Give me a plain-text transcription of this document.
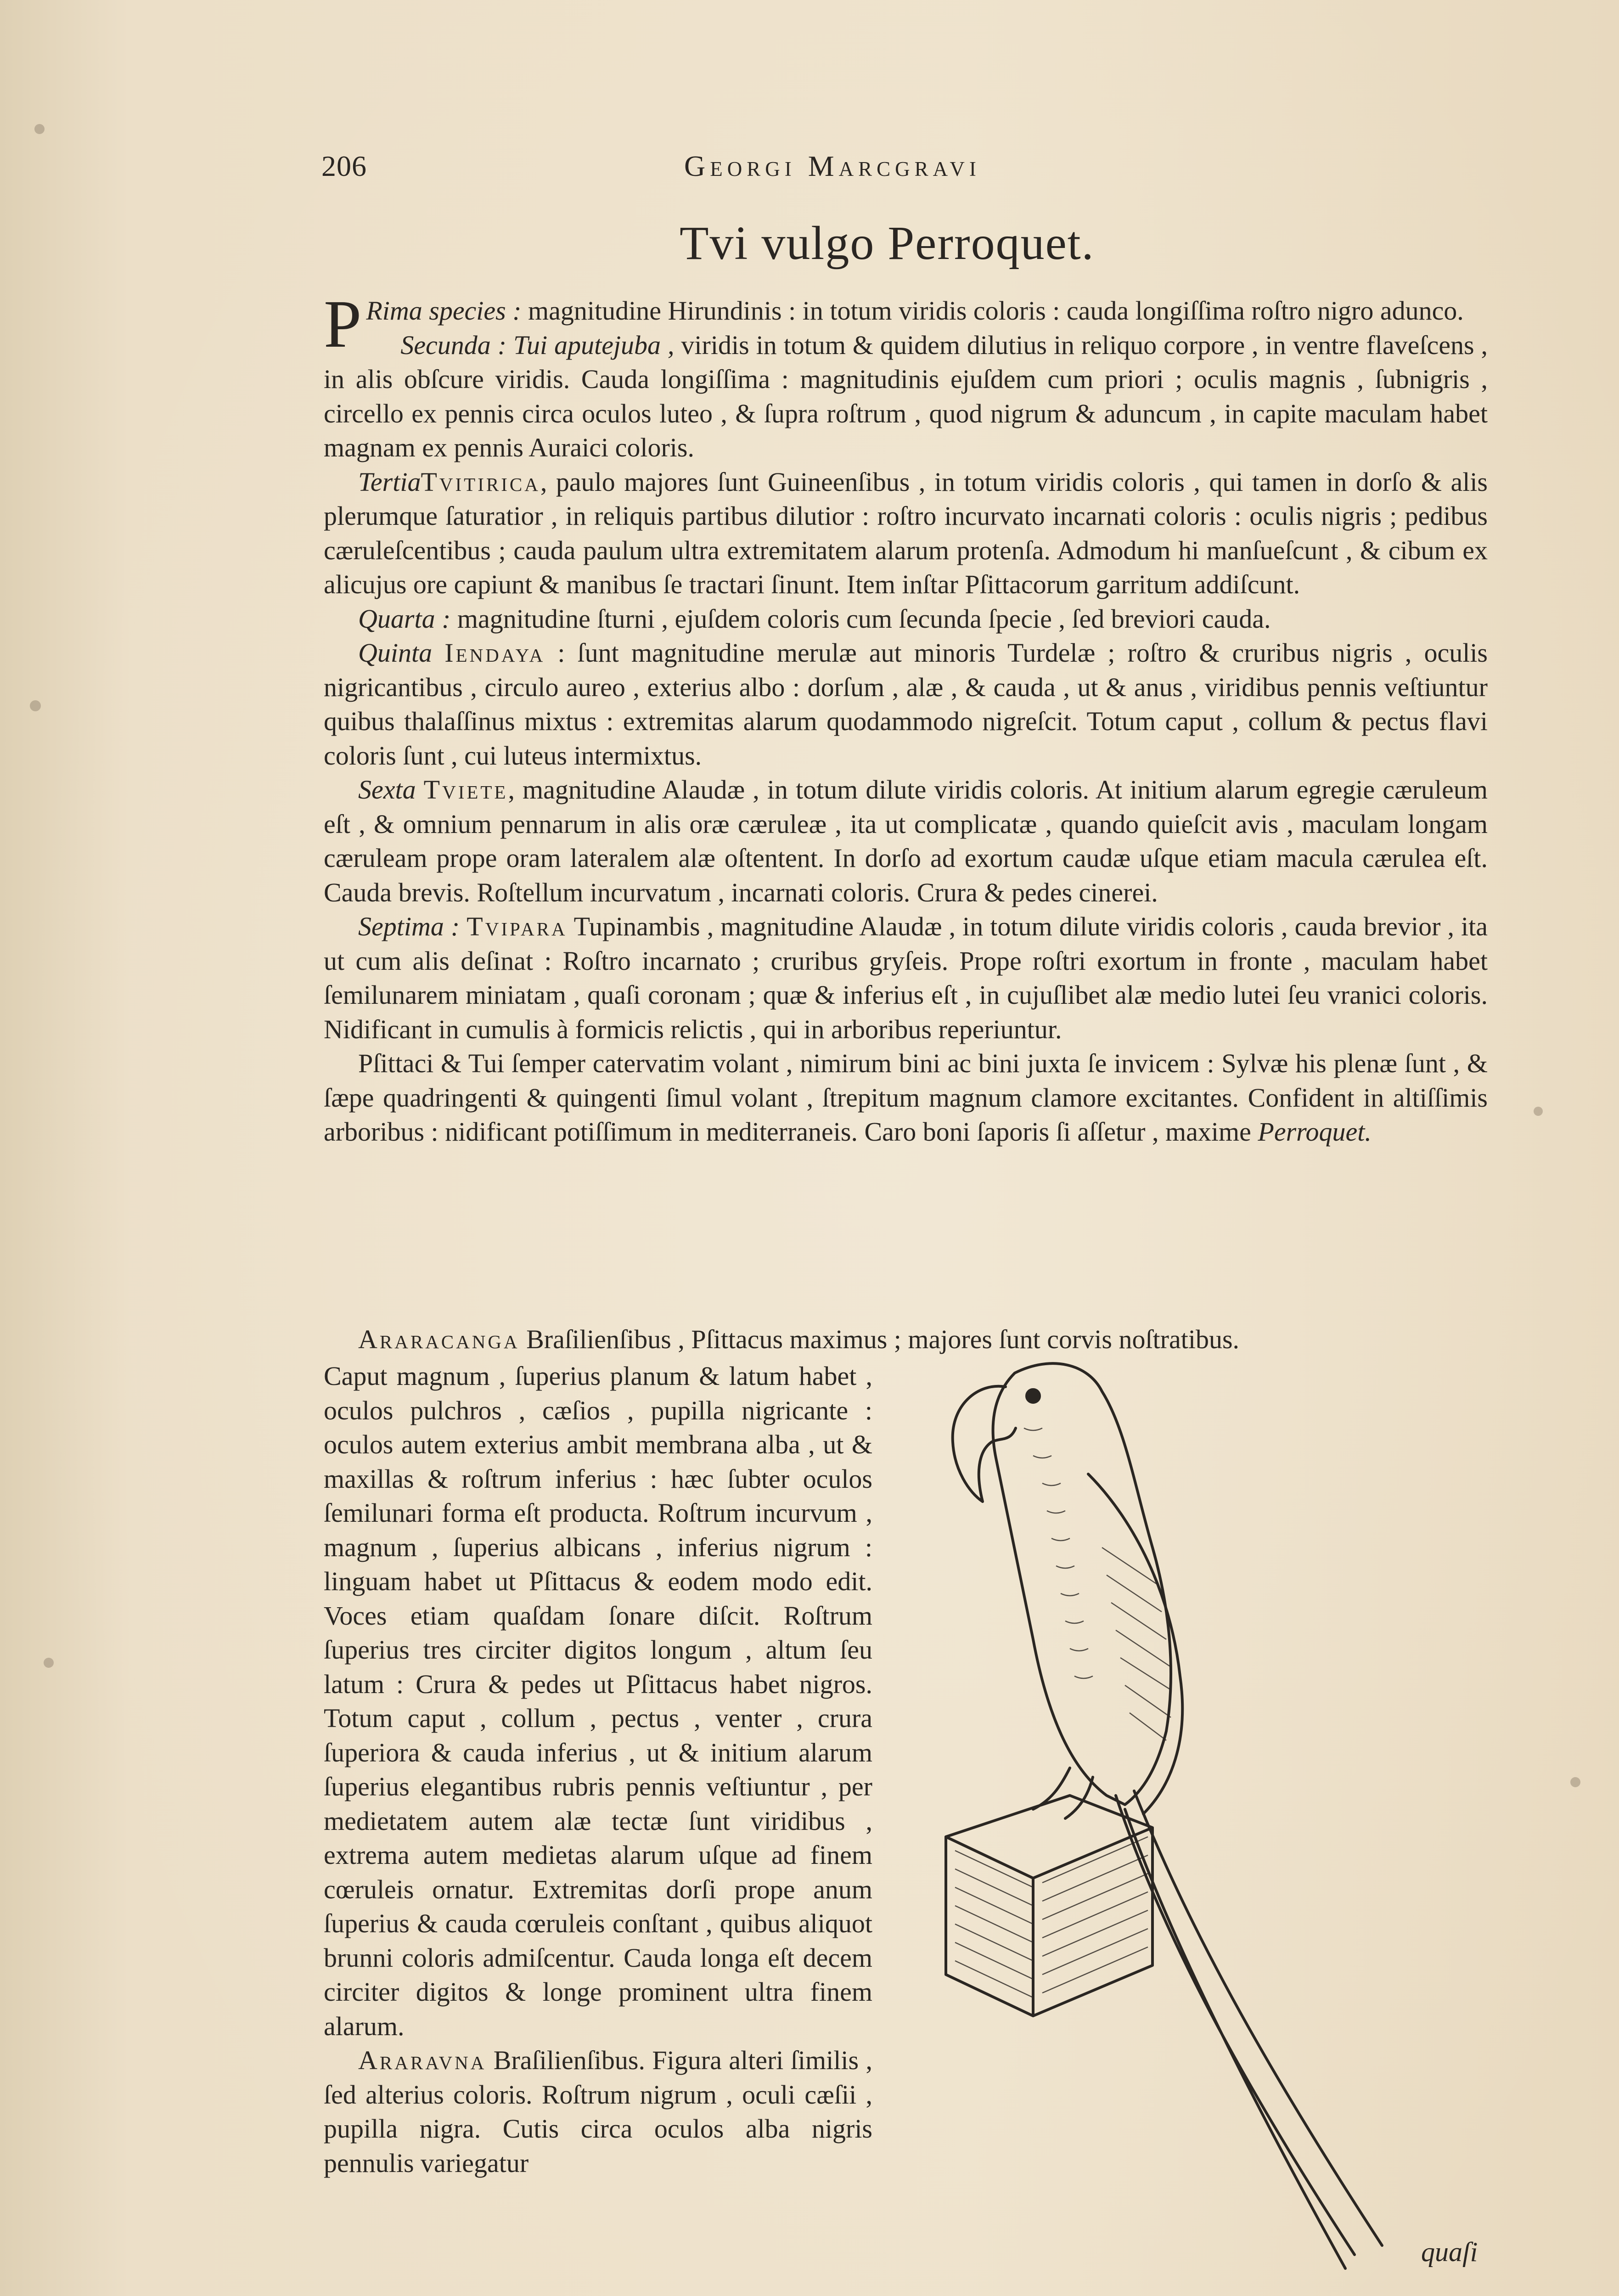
206	Georgi Marcgravi
Tvi vulgo Perroquet.

P Rima species : magnitudine Hirundinis : in totum viridis coloris : cauda longiſſima roſtro nigro adunco.

Secunda : Tui aputejuba , viridis in totum & quidem dilutius in reliquo corpore , in ventre flaveſcens , in alis obſcure viridis. Cauda longiſſima : magnitudinis ejuſdem cum priori ; oculis magnis , ſubnigris , circello ex pennis circa oculos luteo , & ſupra roſtrum , quod nigrum & aduncum , in capite maculam habet magnam ex pennis Auraici coloris.

TertiaTvitirica, paulo majores ſunt Guineenſibus , in totum viridis coloris , qui tamen in dorſo & alis plerumque ſaturatior , in reliquis partibus dilutior : roſtro incurvato incarnati coloris : oculis nigris ; pedibus cæruleſcentibus ; cauda paulum ultra extremitatem alarum protenſa. Admodum hi manſueſcunt , & cibum ex alicujus ore capiunt & manibus ſe tractari ſinunt. Item inſtar Pſittacorum garritum addiſcunt.

Quarta : magnitudine ſturni , ejuſdem coloris cum ſecunda ſpecie , ſed breviori cauda.

Quinta Iendaya : ſunt magnitudine merulæ aut minoris Turdelæ ; roſtro & cruribus nigris , oculis nigricantibus , circulo aureo , exterius albo : dorſum , alæ , & cauda , ut & anus , viridibus pennis veſtiuntur quibus thalaſſinus mixtus : extremitas alarum quodammodo nigreſcit. Totum caput , collum & pectus flavi coloris ſunt , cui luteus intermixtus.

Sexta Tviete, magnitudine Alaudæ , in totum dilute viridis coloris. At initium alarum egregie cæruleum eſt , & omnium pennarum in alis oræ cæruleæ , ita ut complicatæ , quando quieſcit avis , maculam longam cæruleam prope oram lateralem alæ oſtentent. In dorſo ad exortum caudæ uſque etiam macula cærulea eſt. Cauda brevis. Roſtellum incurvatum , incarnati coloris. Crura & pedes cinerei.

Septima : Tvipara Tupinambis , magnitudine Alaudæ , in totum dilute viridis coloris , cauda brevior , ita ut cum alis deſinat : Roſtro incarnato ; cruribus gryſeis. Prope roſtri exortum in fronte , maculam habet ſemilunarem miniatam , quaſi coronam ; quæ & inferius eſt , in cujuſlibet alæ medio lutei ſeu vranici coloris. Nidificant in cumulis à formicis relictis , qui in arboribus reperiuntur.

Pſittaci & Tui ſemper catervatim volant , nimirum bini ac bini juxta ſe invicem : Sylvæ his plenæ ſunt , & ſæpe quadringenti & quingenti ſimul volant , ſtrepitum magnum clamore excitantes. Confident in altiſſimis arboribus : nidificant potiſſimum in mediterraneis. Caro boni ſaporis ſi aſſetur , maxime Perroquet.

Araracanga Braſilienſibus , Pſittacus maximus ; majores ſunt corvis noſtratibus.

Caput magnum , ſuperius planum & latum habet , oculos pulchros , cæſios , pupilla nigricante : oculos autem exterius ambit membrana alba , ut & maxillas & roſtrum inferius : hæc ſubter oculos ſemilunari forma eſt producta. Roſtrum incurvum , magnum , ſuperius albicans , inferius nigrum : linguam habet ut Pſittacus & eodem modo edit. Voces etiam quaſdam ſonare diſcit. Roſtrum ſuperius tres circiter digitos longum , altum ſeu latum : Crura & pedes ut Pſittacus habet nigros. Totum caput , collum , pectus , venter , crura ſuperiora & cauda inferius , ut & initium alarum ſuperius elegantibus rubris pennis veſtiuntur , per medietatem autem alæ tectæ ſunt viridibus , extrema autem medietas alarum uſque ad finem cœruleis ornatur. Extremitas dorſi prope anum ſuperius & cauda cœruleis conſtant , quibus aliquot brunni coloris admiſcentur. Cauda longa eſt decem circiter digitos & longe prominent ultra finem alarum.

Araravna Braſilienſibus. Figura alteri ſimilis , ſed alterius coloris. Roſtrum nigrum , oculi cæſii , pupilla nigra. Cutis circa oculos alba nigris pennulis variegatur

quaſi
